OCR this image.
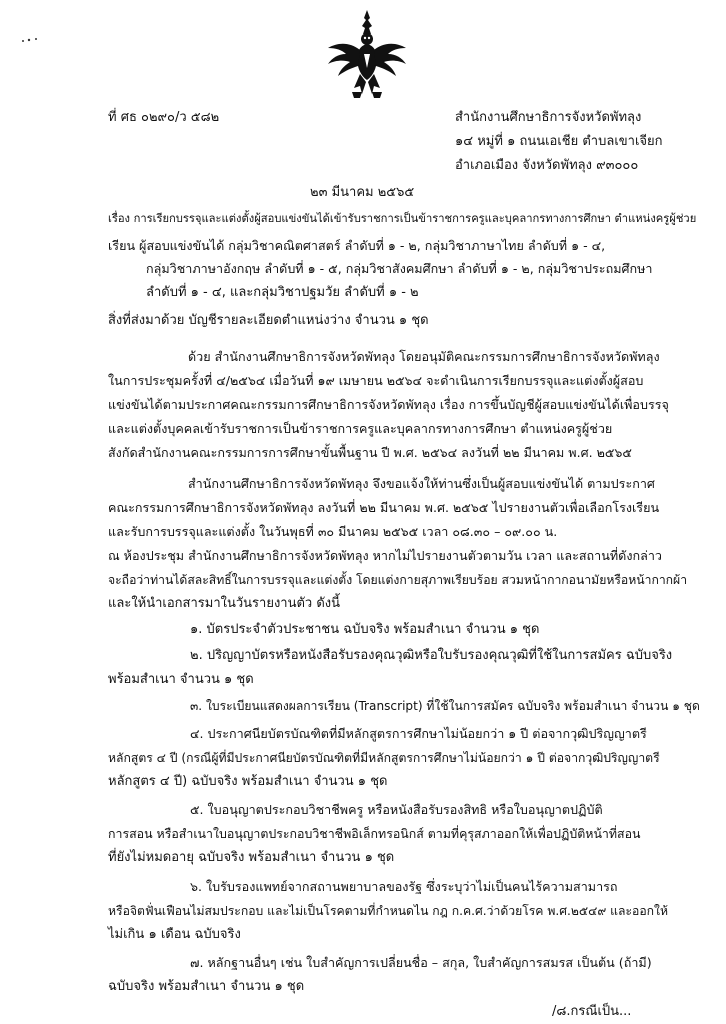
ที่ ศธ ๐๒๙๐/ว ๕๘๒	สำนักงานศึกษาธิการจังหวัดพัทลุง
๑๔ หมู่ที่ ๑ ถนนเอเชีย ตำบลเขาเจียก
อำเภอเมือง จังหวัดพัทลุง ๙๓๐๐๐
๒๓ มีนาคม ๒๕๖๕
เรื่อง การเรียกบรรจุและแต่งตั้งผู้สอบแข่งขันได้เข้ารับราชการเป็นข้าราชการครูและบุคลากรทางการศึกษา ตำแหน่งครูผู้ช่วย
เรียน ผู้สอบแข่งขันได้ กลุ่มวิชาคณิตศาสตร์ ลำดับที่ ๑ - ๒, กลุ่มวิชาภาษาไทย ลำดับที่ ๑ - ๔,
กลุ่มวิชาภาษาอังกฤษ ลำดับที่ ๑ - ๕, กลุ่มวิชาสังคมศึกษา ลำดับที่ ๑ - ๒, กลุ่มวิชาประถมศึกษา
ลำดับที่ ๑ - ๔, และกลุ่มวิชาปฐมวัย ลำดับที่ ๑ - ๒
สิ่งที่ส่งมาด้วย บัญชีรายละเอียดตำแหน่งว่าง จำนวน ๑ ชุด
ด้วย สำนักงานศึกษาธิการจังหวัดพัทลุง โดยอนุมัติคณะกรรมการศึกษาธิการจังหวัดพัทลุง
ในการประชุมครั้งที่ ๔/๒๕๖๔ เมื่อวันที่ ๑๙ เมษายน ๒๕๖๔ จะดำเนินการเรียกบรรจุและแต่งตั้งผู้สอบ
แข่งขันได้ตามประกาศคณะกรรมการศึกษาธิการจังหวัดพัทลุง เรื่อง การขึ้นบัญชีผู้สอบแข่งขันได้เพื่อบรรจุ
และแต่งตั้งบุคคลเข้ารับราชการเป็นข้าราชการครูและบุคลากรทางการศึกษา ตำแหน่งครูผู้ช่วย
สังกัดสำนักงานคณะกรรมการการศึกษาขั้นพื้นฐาน ปี พ.ศ. ๒๕๖๔ ลงวันที่ ๒๒ มีนาคม พ.ศ. ๒๕๖๕
สำนักงานศึกษาธิการจังหวัดพัทลุง จึงขอแจ้งให้ท่านซึ่งเป็นผู้สอบแข่งขันได้ ตามประกาศ
คณะกรรมการศึกษาธิการจังหวัดพัทลุง ลงวันที่ ๒๒ มีนาคม พ.ศ. ๒๕๖๕ ไปรายงานตัวเพื่อเลือกโรงเรียน
และรับการบรรจุและแต่งตั้ง ในวันพุธที่ ๓๐ มีนาคม ๒๕๖๕ เวลา ๐๘.๓๐ – ๐๙.๐๐ น.
ณ ห้องประชุม สำนักงานศึกษาธิการจังหวัดพัทลุง หากไม่ไปรายงานตัวตามวัน เวลา และสถานที่ดังกล่าว
จะถือว่าท่านได้สละสิทธิ์ในการบรรจุและแต่งตั้ง โดยแต่งกายสุภาพเรียบร้อย สวมหน้ากากอนามัยหรือหน้ากากผ้า
และให้นำเอกสารมาในวันรายงานตัว ดังนี้
๑. บัตรประจำตัวประชาชน ฉบับจริง พร้อมสำเนา จำนวน ๑ ชุด
๒. ปริญญาบัตรหรือหนังสือรับรองคุณวุฒิหรือใบรับรองคุณวุฒิที่ใช้ในการสมัคร ฉบับจริง
พร้อมสำเนา จำนวน ๑ ชุด
๓. ใบระเบียนแสดงผลการเรียน (Transcript) ที่ใช้ในการสมัคร ฉบับจริง พร้อมสำเนา จำนวน ๑ ชุด
๔. ประกาศนียบัตรบัณฑิตที่มีหลักสูตรการศึกษาไม่น้อยกว่า ๑ ปี ต่อจากวุฒิปริญญาตรี
หลักสูตร ๔ ปี (กรณีผู้ที่มีประกาศนียบัตรบัณฑิตที่มีหลักสูตรการศึกษาไม่น้อยกว่า ๑ ปี ต่อจากวุฒิปริญญาตรี
หลักสูตร ๔ ปี) ฉบับจริง พร้อมสำเนา จำนวน ๑ ชุด
๕. ใบอนุญาตประกอบวิชาชีพครู หรือหนังสือรับรองสิทธิ หรือใบอนุญาตปฏิบัติ
การสอน หรือสำเนาใบอนุญาตประกอบวิชาชีพอิเล็กทรอนิกส์ ตามที่คุรุสภาออกให้เพื่อปฏิบัติหน้าที่สอน
ที่ยังไม่หมดอายุ ฉบับจริง พร้อมสำเนา จำนวน ๑ ชุด
๖. ใบรับรองแพทย์จากสถานพยาบาลของรัฐ ซึ่งระบุว่าไม่เป็นคนไร้ความสามารถ
หรือจิตฟั่นเฟือนไม่สมประกอบ และไม่เป็นโรคตามที่กำหนดไน กฎ ก.ค.ศ.ว่าด้วยโรค พ.ศ.๒๕๔๙ และออกให้
ไม่เกิน ๑ เดือน ฉบับจริง
๗. หลักฐานอื่นๆ เช่น ใบสำคัญการเปลี่ยนชื่อ – สกุล, ใบสำคัญการสมรส เป็นต้น (ถ้ามี)
ฉบับจริง พร้อมสำเนา จำนวน ๑ ชุด
/๘.กรณีเป็น...
